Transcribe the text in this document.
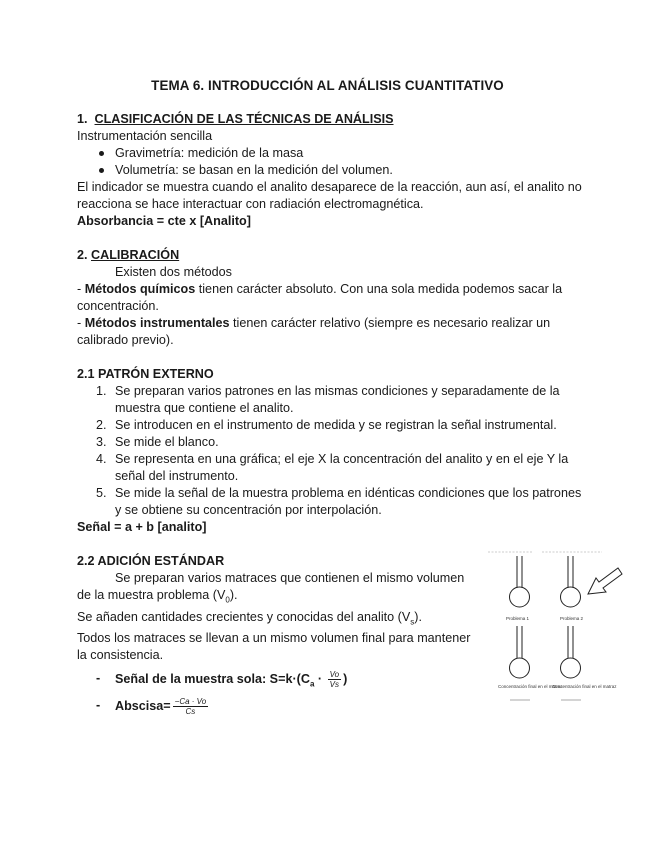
TEMA 6. INTRODUCCIÓN AL ANÁLISIS CUANTITATIVO

1. CLASIFICACIÓN DE LAS TÉCNICAS DE ANÁLISIS

Instrumentación sencilla

Gravimetría: medición de la masa
Volumetría: se basan en la medición del volumen.

El indicador se muestra cuando el analito desaparece de la reacción, aun así, el analito no reacciona se hace interactuar con radiación electromagnética.

Absorbancia = cte x [Analito]

2. CALIBRACIÓN

Existen dos métodos

- Métodos químicos tienen carácter absoluto. Con una sola medida podemos sacar la concentración.

- Métodos instrumentales tienen carácter relativo (siempre es necesario realizar un calibrado previo).

2.1 PATRÓN EXTERNO

1. Se preparan varios patrones en las mismas condiciones y separadamente de la muestra que contiene el analito.
2. Se introducen en el instrumento de medida y se registran la señal instrumental.
3. Se mide el blanco.
4. Se representa en una gráfica; el eje X la concentración del analito y en el eje Y la señal del instrumento.
5. Se mide la señal de la muestra problema en idénticas condiciones que los patrones y se obtiene su concentración por interpolación.

Señal = a + b [analito]

2.2 ADICIÓN ESTÁNDAR

Se preparan varios matraces que contienen el mismo volumen de la muestra problema $(V_0)$.

Se añaden cantidades crecientes y conocidas del analito $(V_s)$.

Todos los matraces se llevan a un mismo volumen final para mantener la consistencia.

- Señal de la muestra sola: $S=k\cdot(C_a \cdot \frac{Vo}{Vs}$ )
- Abscisa= $\frac{-Ca \cdot Vo}{Cs}$
Problema 1	Problema 2
Concentración final en el matraz
Concentración final en el matraz
